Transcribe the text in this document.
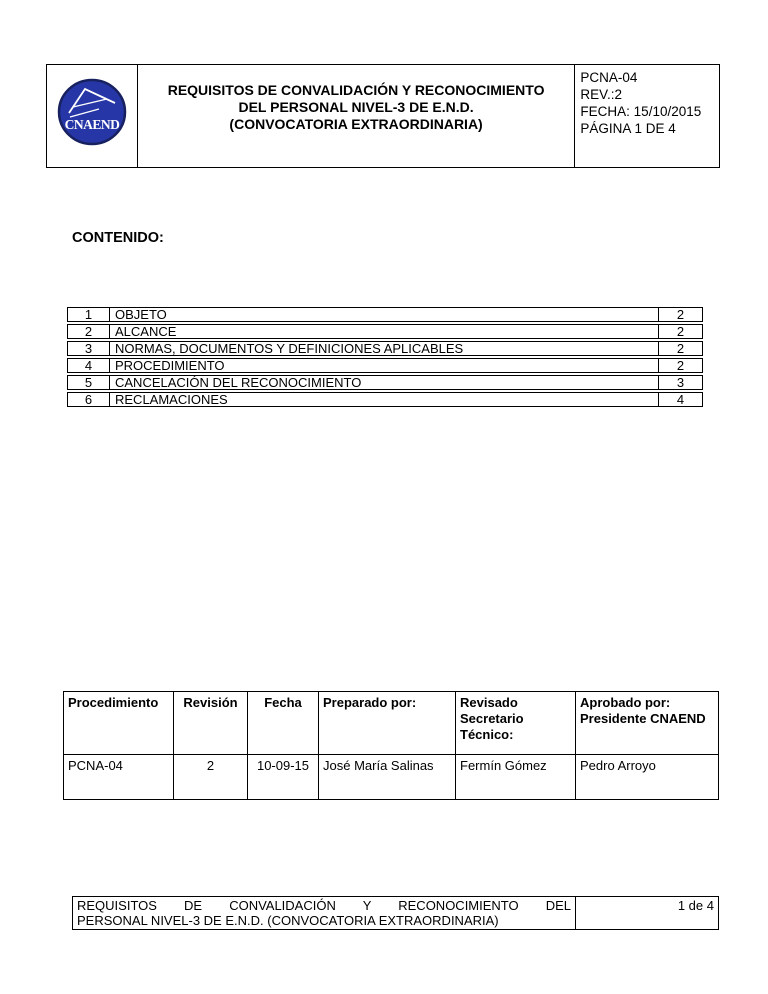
CNAEND
REQUISITOS DE CONVALIDACIÓN Y RECONOCIMIENTO
DEL PERSONAL NIVEL-3 DE E.N.D.
(CONVOCATORIA EXTRAORDINARIA)
PCNA-04
REV.:2
FECHA: 15/10/2015
PÁGINA 1 DE 4
CONTENIDO:
1	OBJETO	2
2	ALCANCE	2
3	NORMAS, DOCUMENTOS Y DEFINICIONES APLICABLES	2
4	PROCEDIMIENTO	2
5	CANCELACIÓN DEL RECONOCIMIENTO	3
6	RECLAMACIONES	4
Procedimiento	Revisión	Fecha	Preparado por:	Revisado Secretario Técnico:	Aprobado por: Presidente CNAEND
PCNA-04	2	10-09-15	José María Salinas	Fermín Gómez	Pedro Arroyo
REQUISITOS DE CONVALIDACIÓN Y RECONOCIMIENTO DEL
PERSONAL NIVEL-3 DE E.N.D. (CONVOCATORIA EXTRAORDINARIA)
	1 de 4
